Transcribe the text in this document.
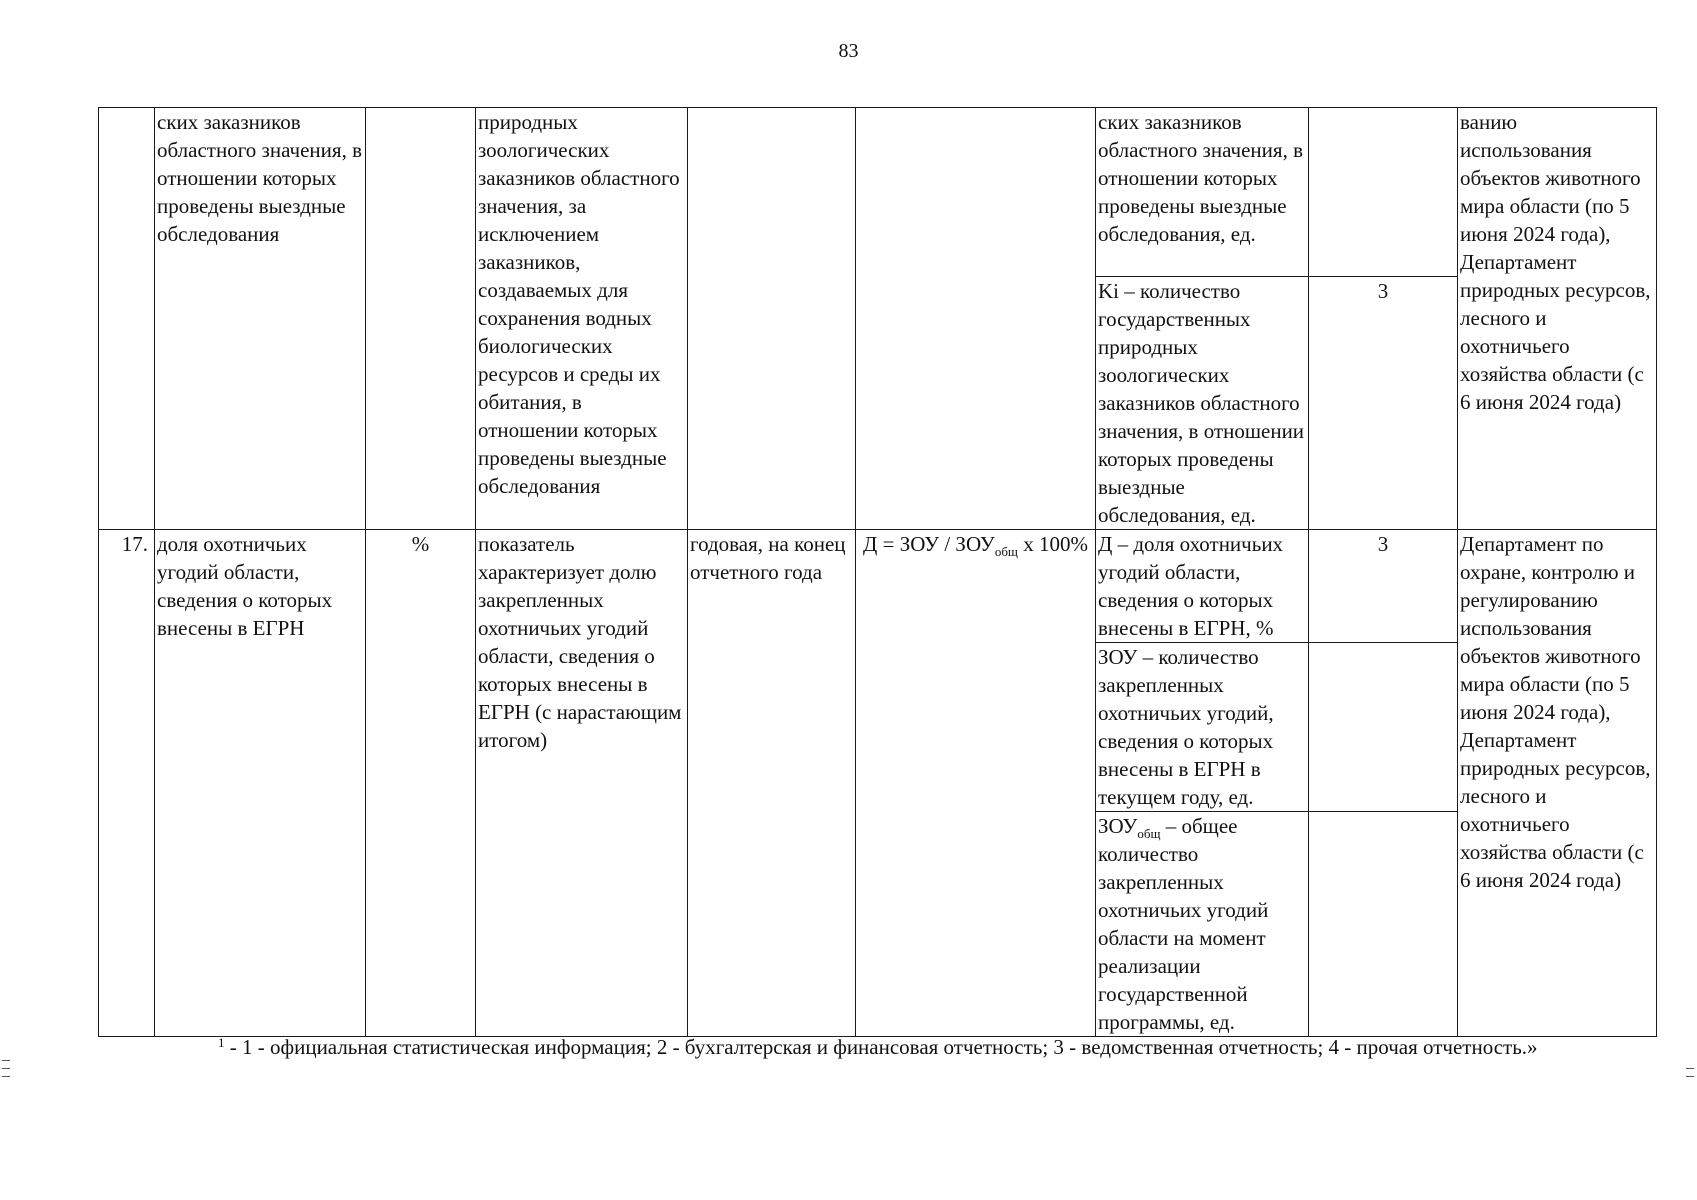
83
	ских заказников областного значения, в отношении которых проведены выездные обследования		природных зоологических заказников областного значения, за исключением заказников, создаваемых для сохранения водных биологических ресурсов и среды их обитания, в отношении которых проведены выездные обследования			ских заказников областного значения, в отношении которых проведены выездные обследования, ед.		ванию использования объектов животного мира области (по 5 июня 2024 года), Департамент природных ресурсов, лесного и охотничьего хозяйства области (с 6 июня 2024 года)
						Ki – количество государственных природных зоологических заказников областного значения, в отношении которых проведены выездные обследования, ед.	3	
17.	доля охотничьих угодий области, сведения о которых внесены в ЕГРН	%	показатель характеризует долю закрепленных охотничьих угодий области, сведения о которых внесены в ЕГРН (с нарастающим итогом)	годовая, на конец отчетного года	Д = ЗОУ / $ЗОУ_{общ}$ х 100%	Д – доля охотничьих угодий области, сведения о которых внесены в ЕГРН, %	3	Департамент по охране, контролю и регулированию использования объектов животного мира области (по 5 июня 2024 года), Департамент природных ресурсов, лесного и охотничьего хозяйства области (с 6 июня 2024 года)
						ЗОУ – количество закрепленных охотничьих угодий, сведения о которых внесены в ЕГРН в текущем году, ед.		
						$ЗОУ_{общ}$ – общее количество закрепленных охотничьих угодий области на момент реализации государственной программы, ед.		
$^1$ - 1 - официальная статистическая информация; 2 - бухгалтерская и финансовая отчетность; 3 - ведомственная отчетность; 4 - прочая отчетность.»
